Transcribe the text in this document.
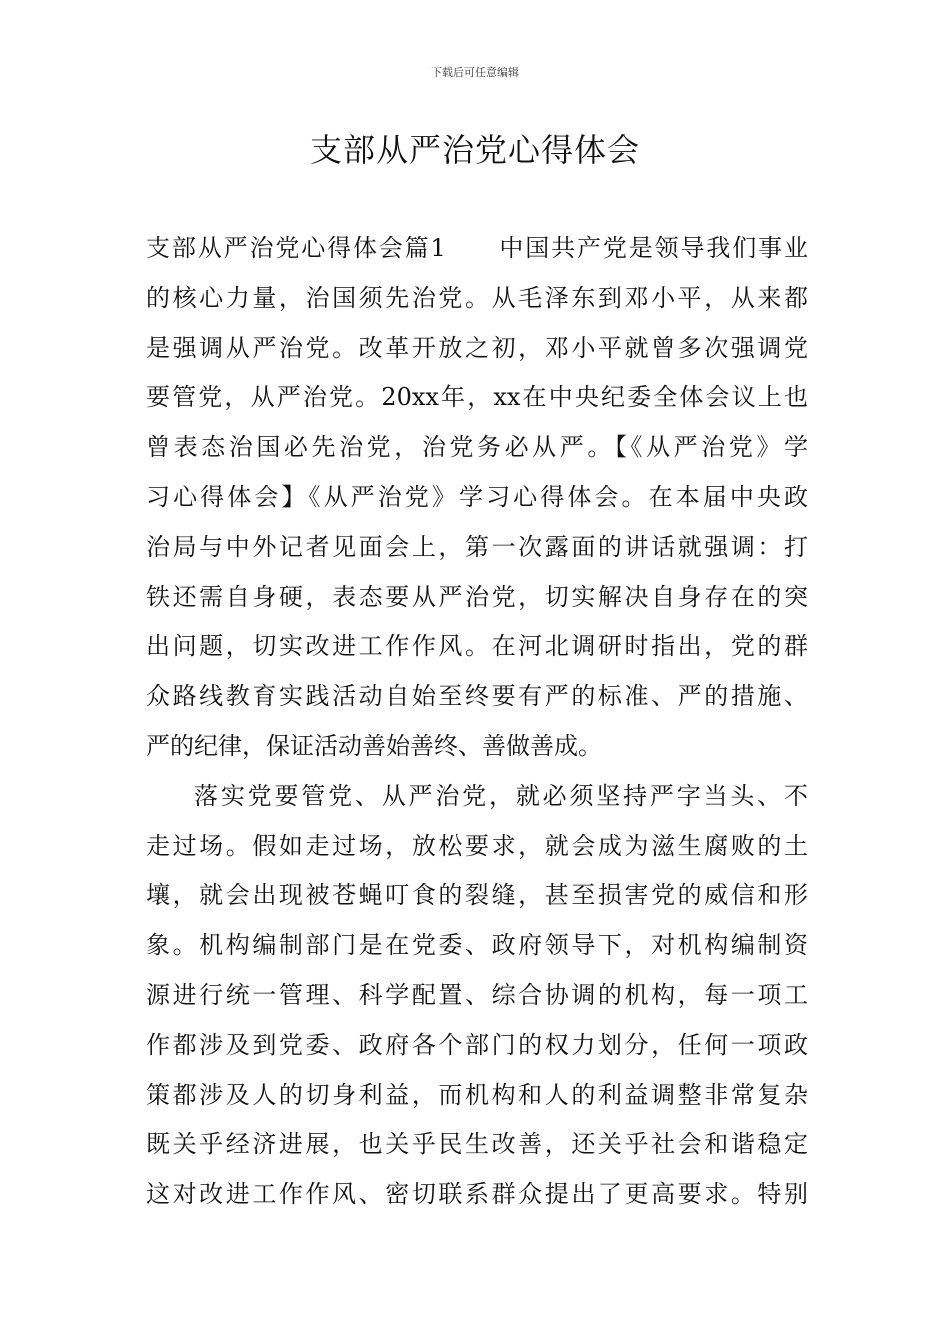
下载后可任意编辑
支部从严治党心得体会
支部从严治党心得体会篇1　　中国共产党是领导我们事业
的核心力量，治国须先治党。从毛泽东到邓小平，从来都
是强调从严治党。改革开放之初，邓小平就曾多次强调党
要管党，从严治党。20xx年，xx在中央纪委全体会议上也
曾表态治国必先治党，治党务必从严。【《从严治党》学
习心得体会】《从严治党》学习心得体会。在本届中央政
治局与中外记者见面会上，第一次露面的讲话就强调：打
铁还需自身硬，表态要从严治党，切实解决自身存在的突
出问题，切实改进工作作风。在河北调研时指出，党的群
众路线教育实践活动自始至终要有严的标准、严的措施、
严的纪律，保证活动善始善终、善做善成。
落实党要管党、从严治党，就必须坚持严字当头、不
走过场。假如走过场，放松要求，就会成为滋生腐败的土
壤，就会出现被苍蝇叮食的裂缝，甚至损害党的威信和形
象。机构编制部门是在党委、政府领导下，对机构编制资
源进行统一管理、科学配置、综合协调的机构，每一项工
作都涉及到党委、政府各个部门的权力划分，任何一项政
策都涉及人的切身利益，而机构和人的利益调整非常复杂
既关乎经济进展，也关乎民生改善，还关乎社会和谐稳定
这对改进工作作风、密切联系群众提出了更高要求。特别
